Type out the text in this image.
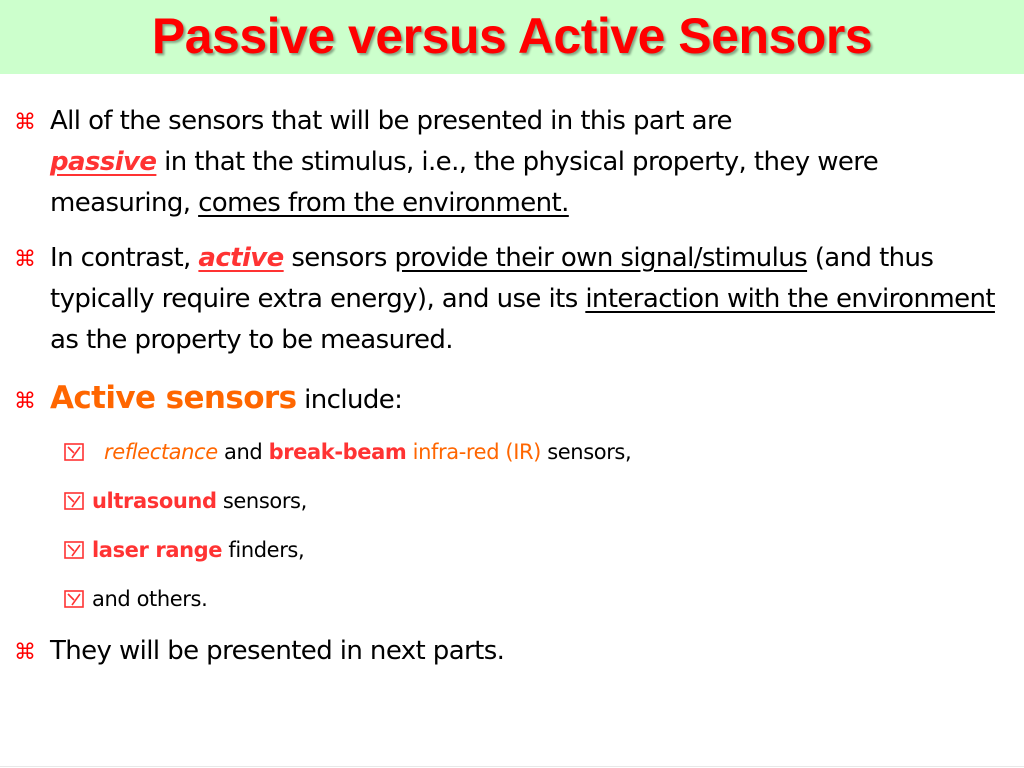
Passive versus Active Sensors
⌘ All of the sensors that will be presented in this part are
passive in that the stimulus, i.e., the physical property, they were measuring, comes from the environment.
⌘ In contrast, active sensors provide their own signal/stimulus (and thus typically require extra energy), and use its interaction with the environment as the property to be measured.
⌘ Active sensors include:
reflectance and break-beam infra-red (IR) sensors,
ultrasound sensors,
laser range finders,
and others.
⌘ They will be presented in next parts.
